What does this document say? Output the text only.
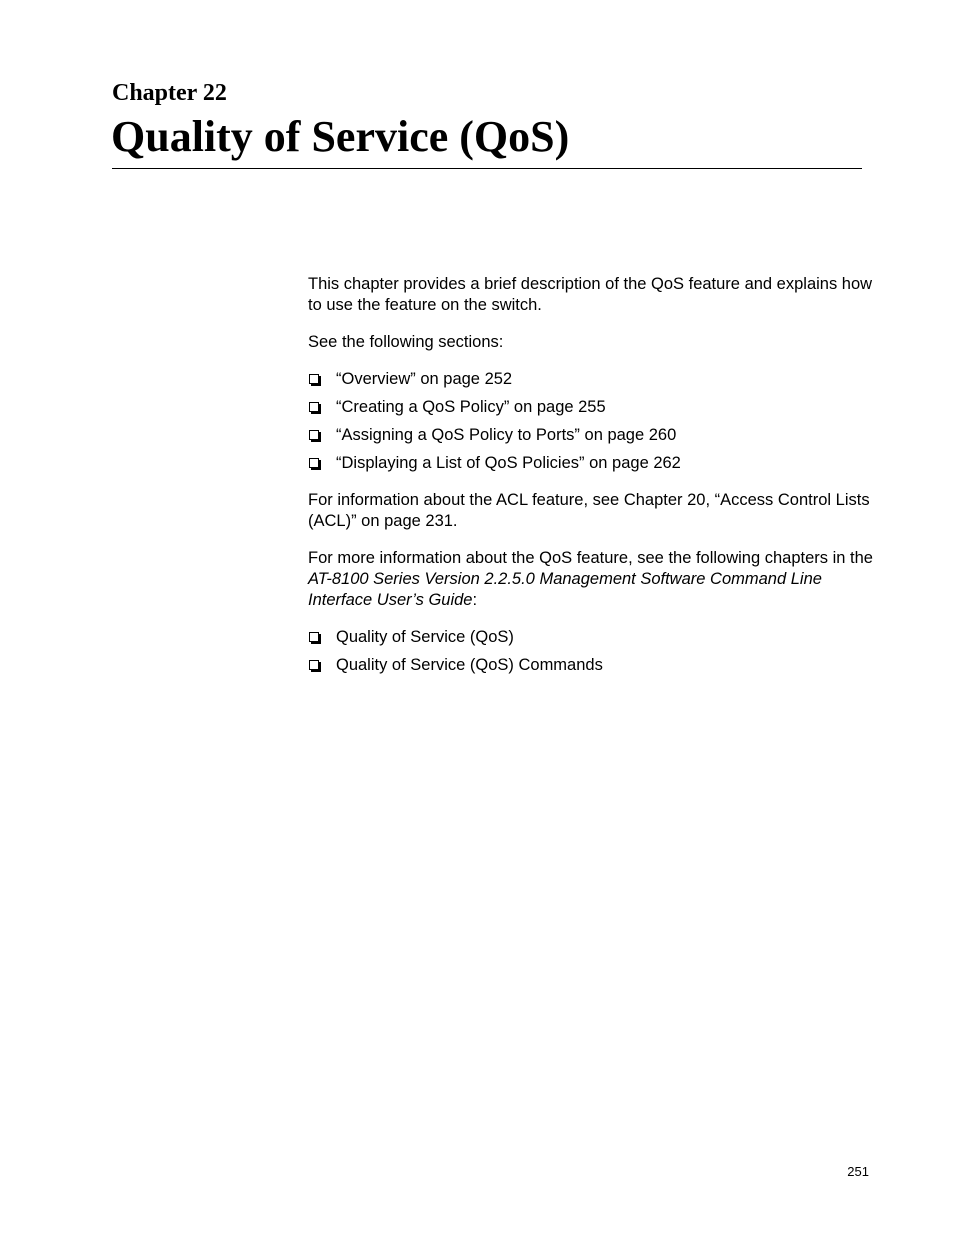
Chapter 22
Quality of Service (QoS)

This chapter provides a brief description of the QoS feature and explains how to use the feature on the switch.

See the following sections:

“Overview” on page 252
“Creating a QoS Policy” on page 255
“Assigning a QoS Policy to Ports” on page 260
“Displaying a List of QoS Policies” on page 262

For information about the ACL feature, see Chapter 20, “Access Control Lists (ACL)” on page 231.

For more information about the QoS feature, see the following chapters in the AT-8100 Series Version 2.2.5.0 Management Software Command Line Interface User’s Guide:

Quality of Service (QoS)
Quality of Service (QoS) Commands
251
